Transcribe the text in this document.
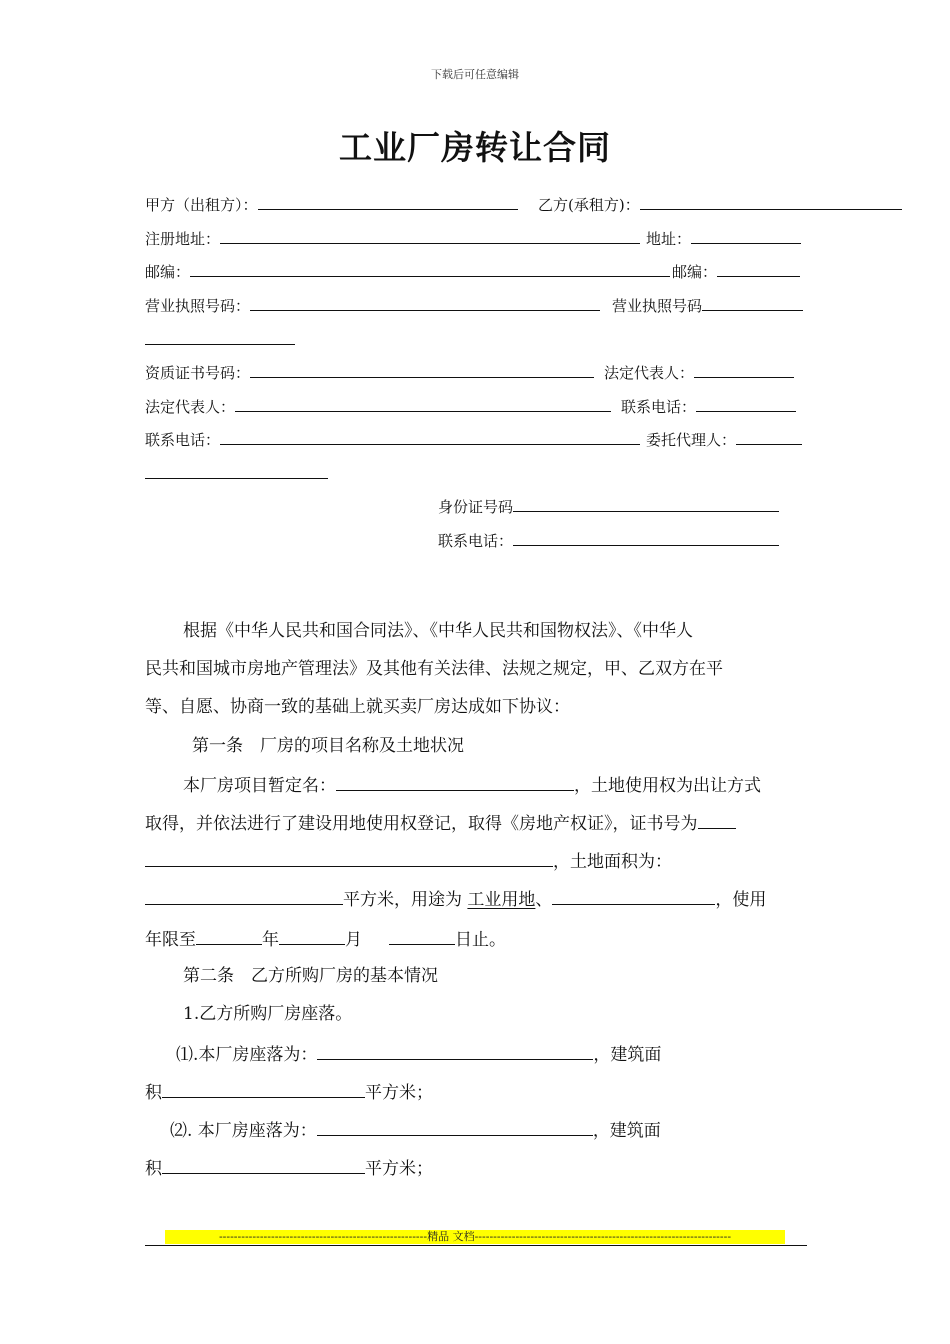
下载后可任意编辑
工业厂房转让合同
甲方（出租方）：	乙方(承租方)：
注册地址：	地址：
邮编：	邮编：
营业执照号码：	营业执照号码
资质证书号码：	法定代表人：
法定代表人：	联系电话：
联系电话：	委托代理人：
身份证号码
联系电话：
根据《中华人民共和国合同法》、《中华人民共和国物权法》、《中华人
民共和国城市房地产管理法》及其他有关法律、法规之规定，甲、乙双方在平
等、自愿、协商一致的基础上就买卖厂房达成如下协议：
第一条　厂房的项目名称及土地状况
本厂房项目暂定名：	，土地使用权为出让方式
取得，并依法进行了建设用地使用权登记，取得《房地产权证》，证书号为
，土地面积为：
平方米，用途为 工业用地、	，使用
年限至	年	月	日止。
第二条　乙方所购厂房的基本情况
1.乙方所购厂房座落。
⑴.本厂房座落为：	，建筑面
积	平方米；
⑵. 本厂房座落为：	，建筑面
积	平方米；
--------------------------------------------------------精品 文档---------------------------------------------------------------------
